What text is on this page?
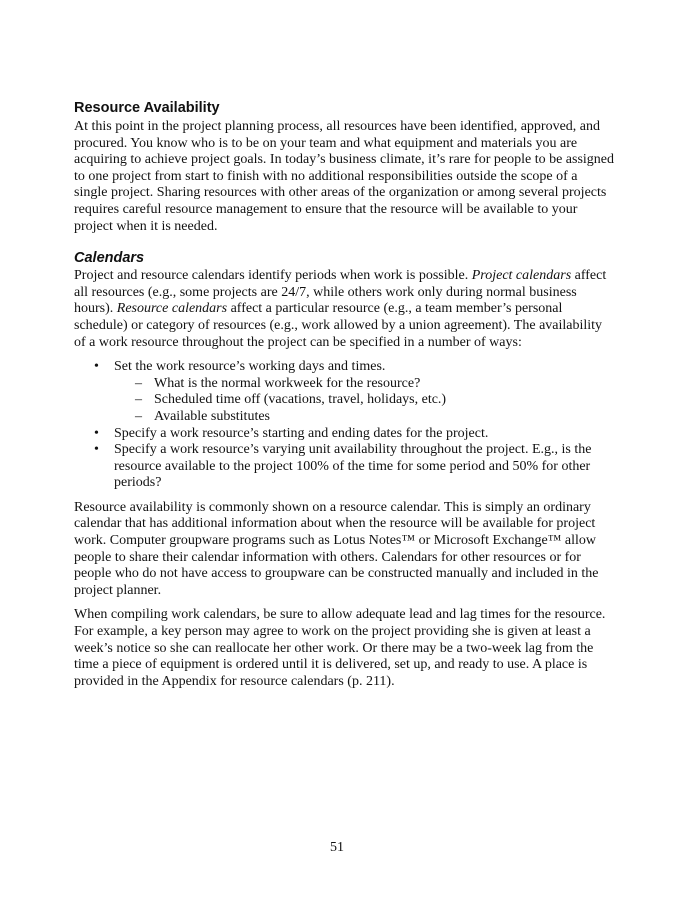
Resource Availability

At this point in the project planning process, all resources have been identified, approved, and procured. You know who is to be on your team and what equipment and materials you are acquiring to achieve project goals. In today’s business climate, it’s rare for people to be assigned to one project from start to finish with no additional responsibilities outside the scope of a single project. Sharing resources with other areas of the organization or among several projects requires careful resource management to ensure that the resource will be available to your project when it is needed.

Calendars

Project and resource calendars identify periods when work is possible. Project calendars affect all resources (e.g., some projects are 24/7, while others work only during normal business hours). Resource calendars affect a particular resource (e.g., a team member’s personal schedule) or category of resources (e.g., work allowed by a union agreement). The availability of a work resource throughout the project can be specified in a number of ways:

• Set the work resource’s working days and times.
– What is the normal workweek for the resource?
– Scheduled time off (vacations, travel, holidays, etc.)
– Available substitutes
• Specify a work resource’s starting and ending dates for the project.
• Specify a work resource’s varying unit availability throughout the project. E.g., is the resource available to the project 100% of the time for some period and 50% for other periods?

Resource availability is commonly shown on a resource calendar. This is simply an ordinary calendar that has additional information about when the resource will be available for project work. Computer groupware programs such as Lotus Notes™ or Microsoft Exchange™ allow people to share their calendar information with others. Calendars for other resources or for people who do not have access to groupware can be constructed manually and included in the project planner.

When compiling work calendars, be sure to allow adequate lead and lag times for the resource. For example, a key person may agree to work on the project providing she is given at least a week’s notice so she can reallocate her other work. Or there may be a two-week lag from the time a piece of equipment is ordered until it is delivered, set up, and ready to use. A place is provided in the Appendix for resource calendars (p. 211).

51
